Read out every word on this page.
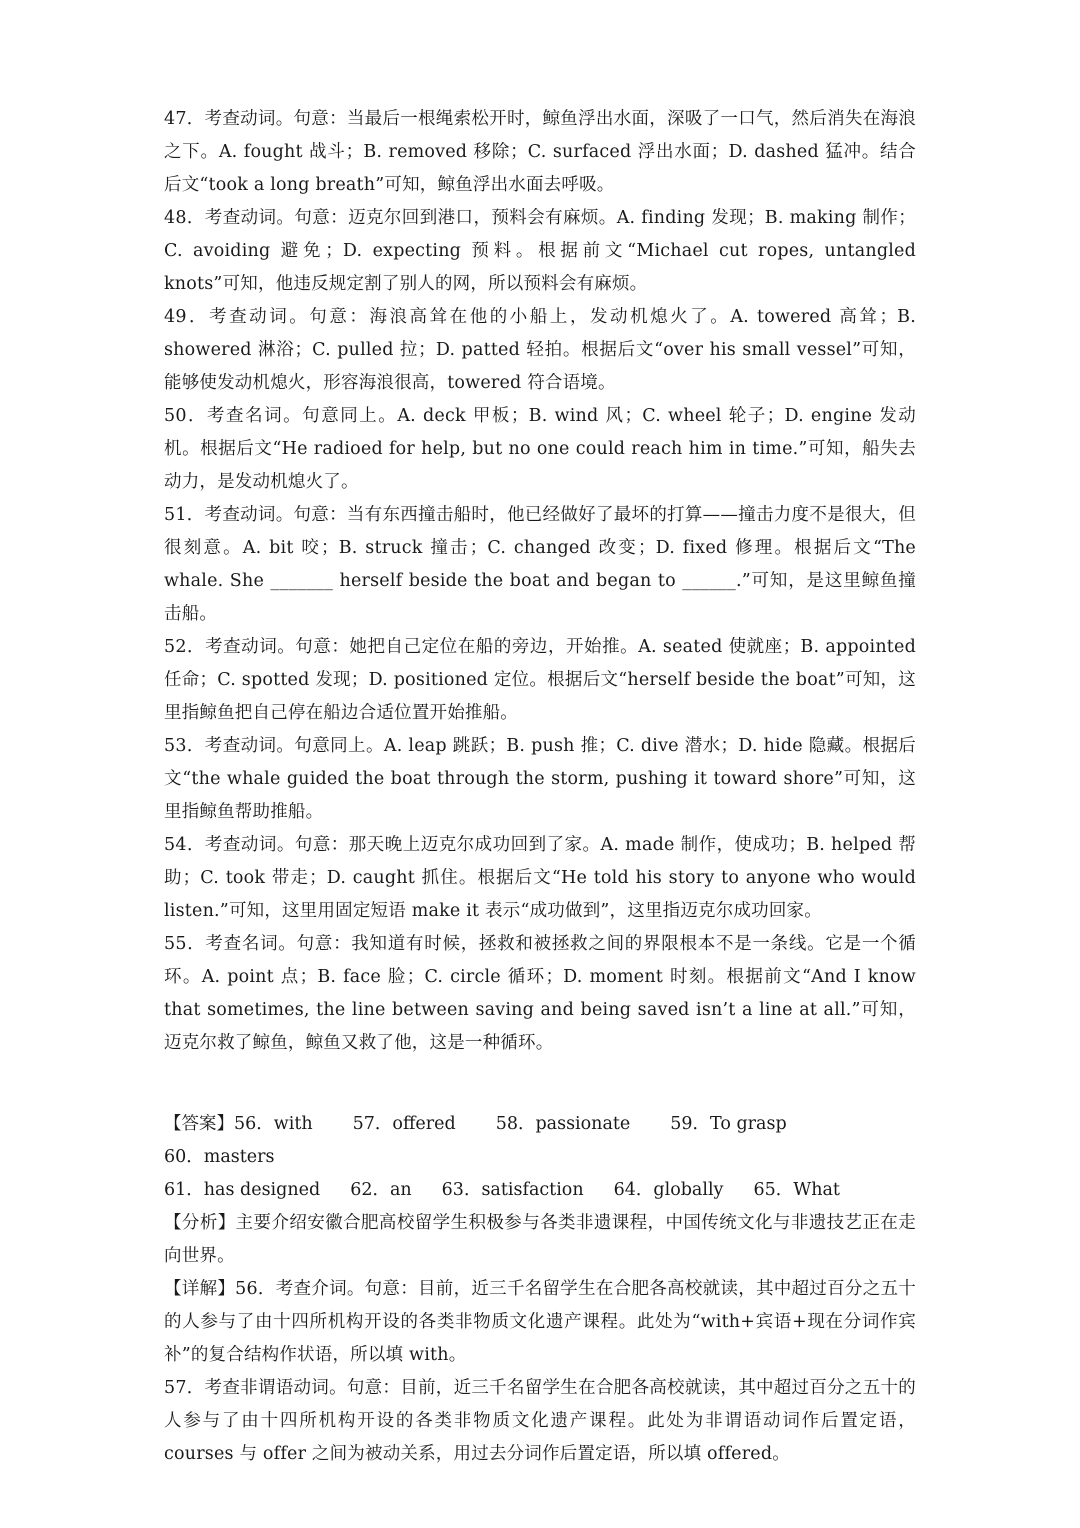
47．考查动词。句意：当最后一根绳索松开时，鲸鱼浮出水面，深吸了一口气，然后消失在海浪之下。A. fought 战斗；B. removed 移除；C. surfaced 浮出水面；D. dashed 猛冲。结合后文“took a long breath”可知，鲸鱼浮出水面去呼吸。

48．考查动词。句意：迈克尔回到港口，预料会有麻烦。A. finding 发现；B. making 制作；C. avoiding 避免；D. expecting 预料。根据前文“Michael cut ropes, untangled knots”可知，他违反规定割了别人的网，所以预料会有麻烦。

49．考查动词。句意：海浪高耸在他的小船上，发动机熄火了。A. towered 高耸；B. showered 淋浴；C. pulled 拉；D. patted 轻拍。根据后文“over his small vessel”可知，能够使发动机熄火，形容海浪很高，towered 符合语境。

50．考查名词。句意同上。A. deck 甲板；B. wind 风；C. wheel 轮子；D. engine 发动机。根据后文“He radioed for help, but no one could reach him in time.”可知，船失去动力，是发动机熄火了。

51．考查动词。句意：当有东西撞击船时，他已经做好了最坏的打算——撞击力度不是很大，但很刻意。A. bit 咬；B. struck 撞击；C. changed 改变；D. fixed 修理。根据后文“The whale. She _______ herself beside the boat and began to ______.”可知，是这里鲸鱼撞击船。

52．考查动词。句意：她把自己定位在船的旁边，开始推。A. seated 使就座；B. appointed 任命；C. spotted 发现；D. positioned 定位。根据后文“herself beside the boat”可知，这里指鲸鱼把自己停在船边合适位置开始推船。

53．考查动词。句意同上。A. leap 跳跃；B. push 推；C. dive 潜水；D. hide 隐藏。根据后文“the whale guided the boat through the storm, pushing it toward shore”可知，这里指鲸鱼帮助推船。

54．考查动词。句意：那天晚上迈克尔成功回到了家。A. made 制作，使成功；B. helped 帮助；C. took 带走；D. caught 抓住。根据后文“He told his story to anyone who would listen.”可知，这里用固定短语 make it 表示“成功做到”，这里指迈克尔成功回家。

55．考查名词。句意：我知道有时候，拯救和被拯救之间的界限根本不是一条线。它是一个循环。A. point 点；B. face 脸；C. circle 循环；D. moment 时刻。根据前文“And I know that sometimes, the line between saving and being saved isn’t a line at all.”可知，迈克尔救了鲸鱼，鲸鱼又救了他，这是一种循环。

【答案】 56．with 57．offered 58．passionate 59．To grasp
60．masters
61．has designed 62．an 63．satisfaction 64．globally 65．What

【分析】主要介绍安徽合肥高校留学生积极参与各类非遗课程，中国传统文化与非遗技艺正在走向世界。

【详解】56．考查介词。句意：目前，近三千名留学生在合肥各高校就读，其中超过百分之五十的人参与了由十四所机构开设的各类非物质文化遗产课程。此处为“with+宾语+现在分词作宾补”的复合结构作状语，所以填 with。

57．考查非谓语动词。句意：目前，近三千名留学生在合肥各高校就读，其中超过百分之五十的人参与了由十四所机构开设的各类非物质文化遗产课程。此处为非谓语动词作后置定语，courses 与 offer 之间为被动关系，用过去分词作后置定语，所以填 offered。
